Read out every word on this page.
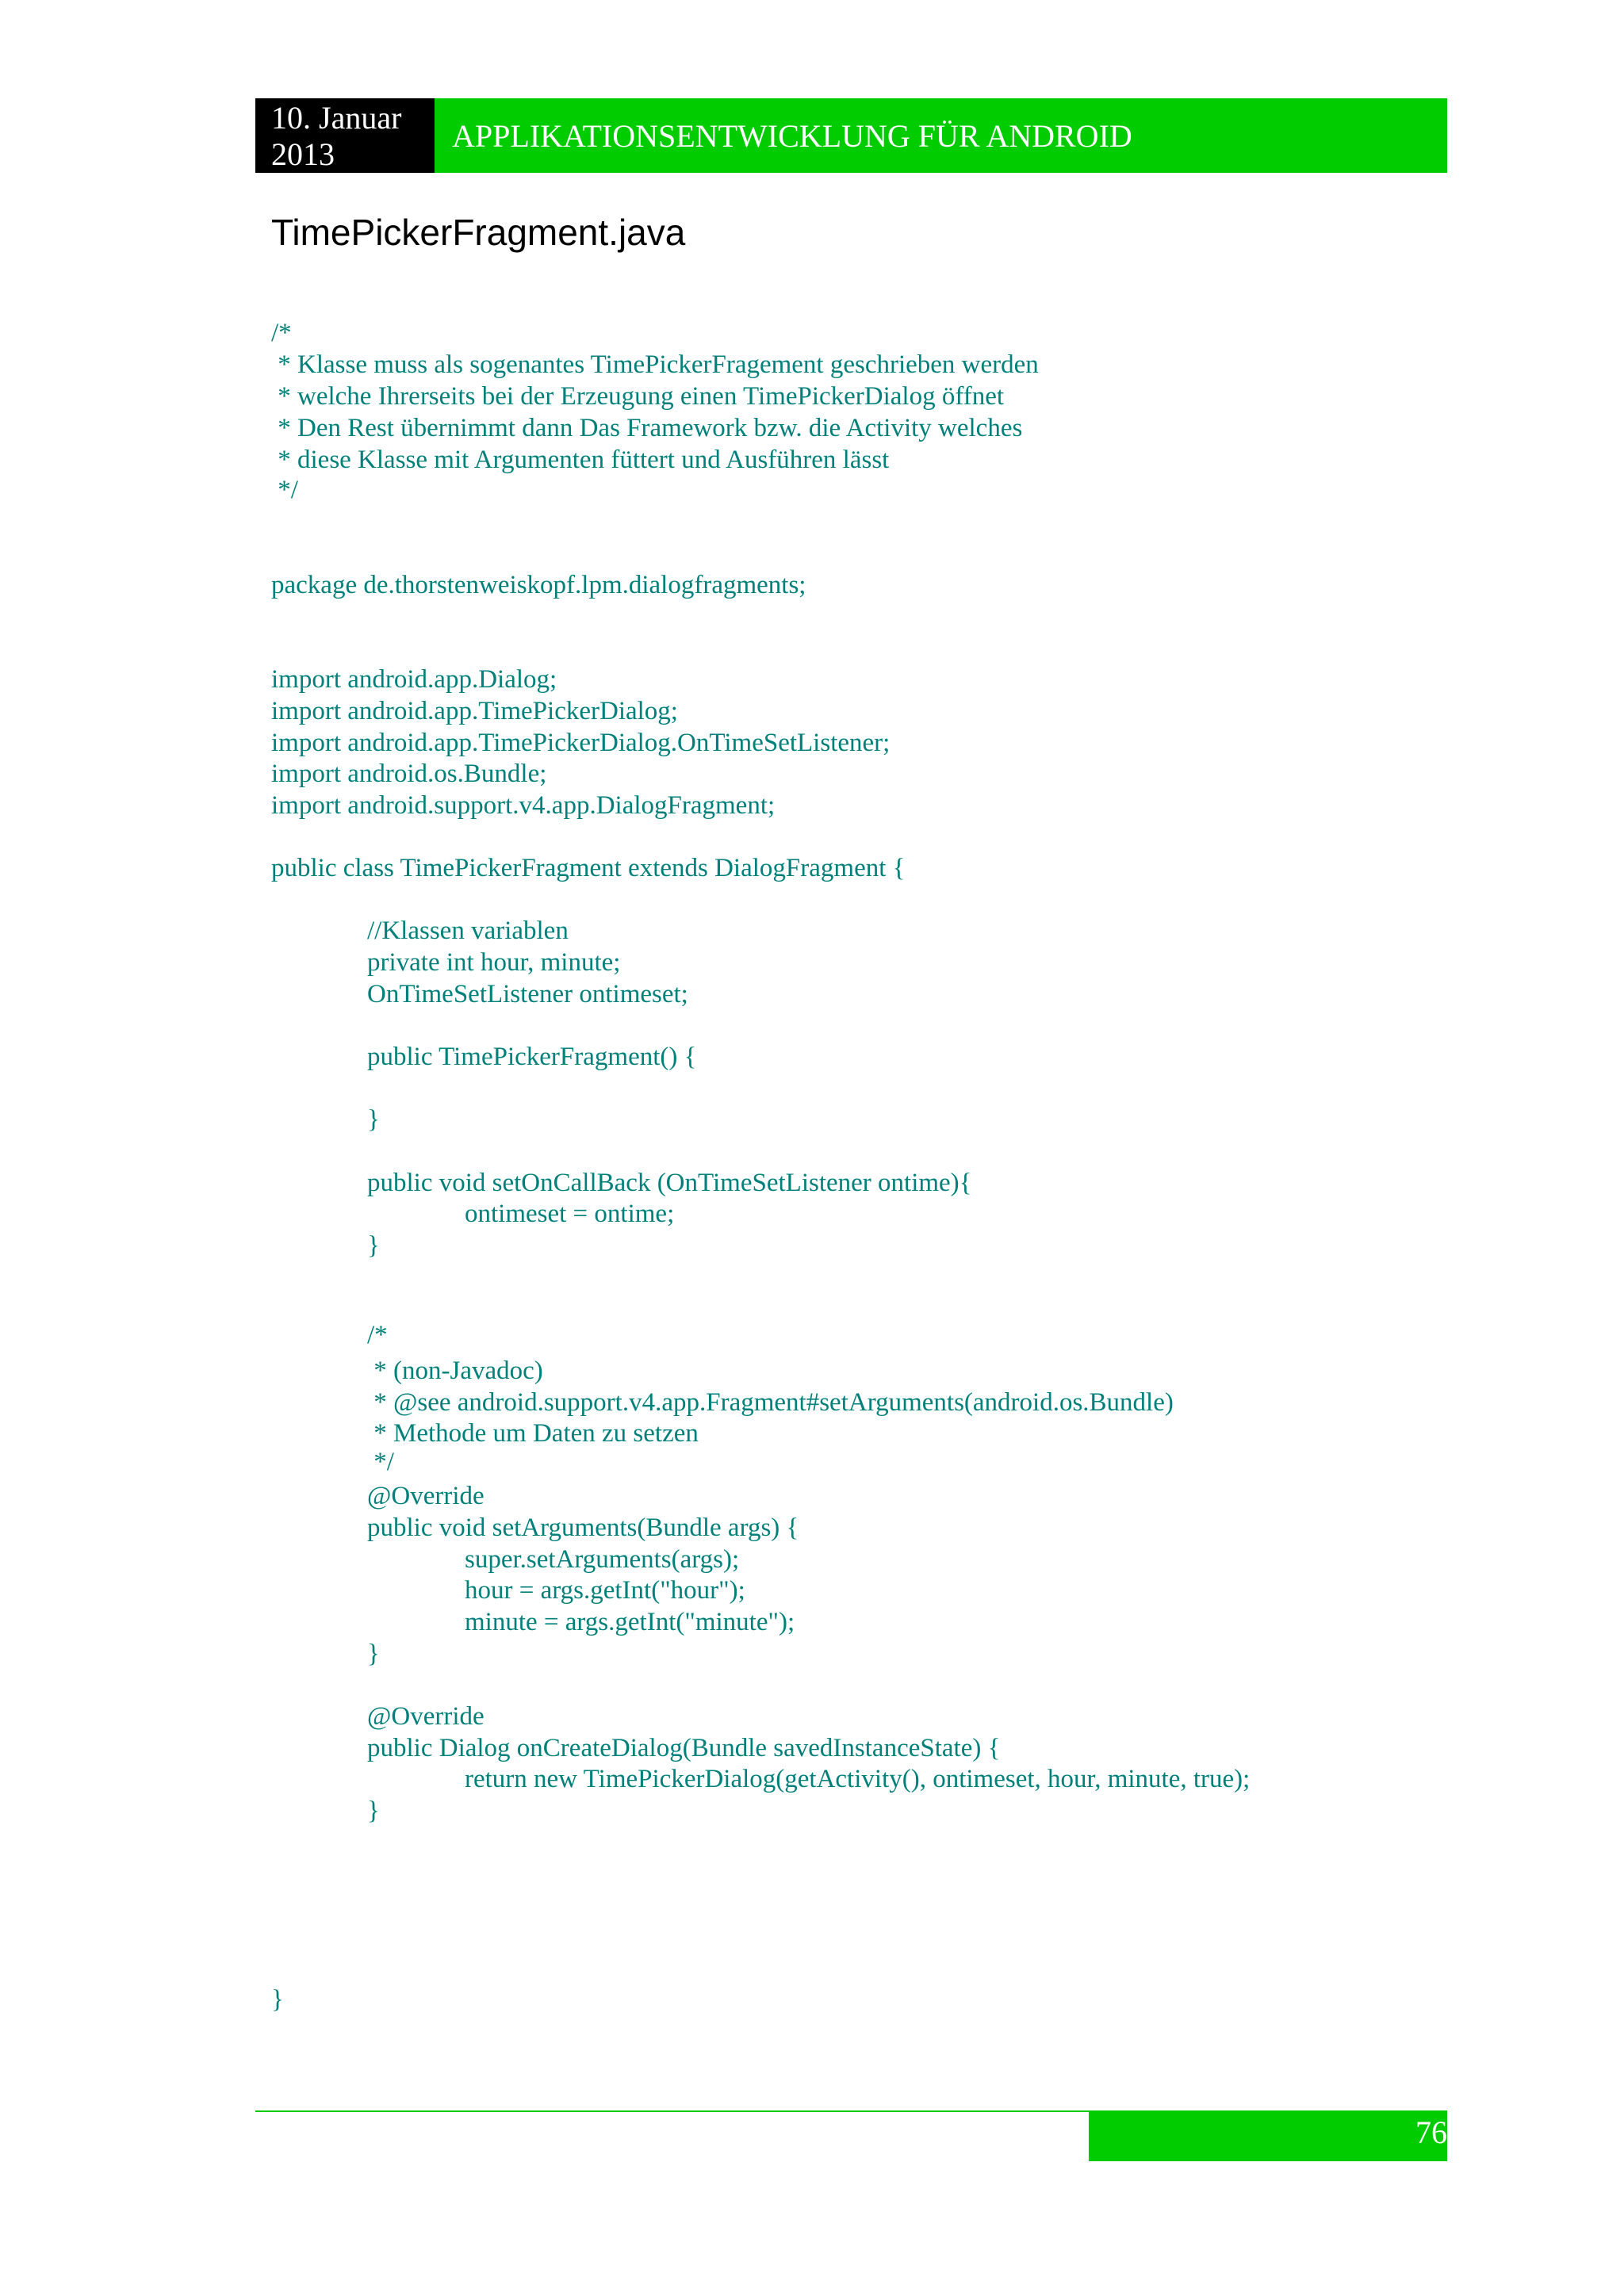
10. Januar
2013
APPLIKATIONSENTWICKLUNG FÜR ANDROID
TimePickerFragment.java
/*
* Klasse muss als sogenantes TimePickerFragement geschrieben werden
* welche Ihrerseits bei der Erzeugung einen TimePickerDialog öffnet
* Den Rest übernimmt dann Das Framework bzw. die Activity welches
* diese Klasse mit Argumenten füttert und Ausführen lässt
*/
package de.thorstenweiskopf.lpm.dialogfragments;
import android.app.Dialog;
import android.app.TimePickerDialog;
import android.app.TimePickerDialog.OnTimeSetListener;
import android.os.Bundle;
import android.support.v4.app.DialogFragment;
public class TimePickerFragment extends DialogFragment {
//Klassen variablen
private int hour, minute;
OnTimeSetListener ontimeset;
public TimePickerFragment() {
}
public void setOnCallBack (OnTimeSetListener ontime){
ontimeset = ontime;
}
/*
* (non-Javadoc)
* @see android.support.v4.app.Fragment#setArguments(android.os.Bundle)
* Methode um Daten zu setzen
*/
@Override
public void setArguments(Bundle args) {
super.setArguments(args);
hour = args.getInt("hour");
minute = args.getInt("minute");
}
@Override
public Dialog onCreateDialog(Bundle savedInstanceState) {
return new TimePickerDialog(getActivity(), ontimeset, hour, minute, true);
}
}
76
